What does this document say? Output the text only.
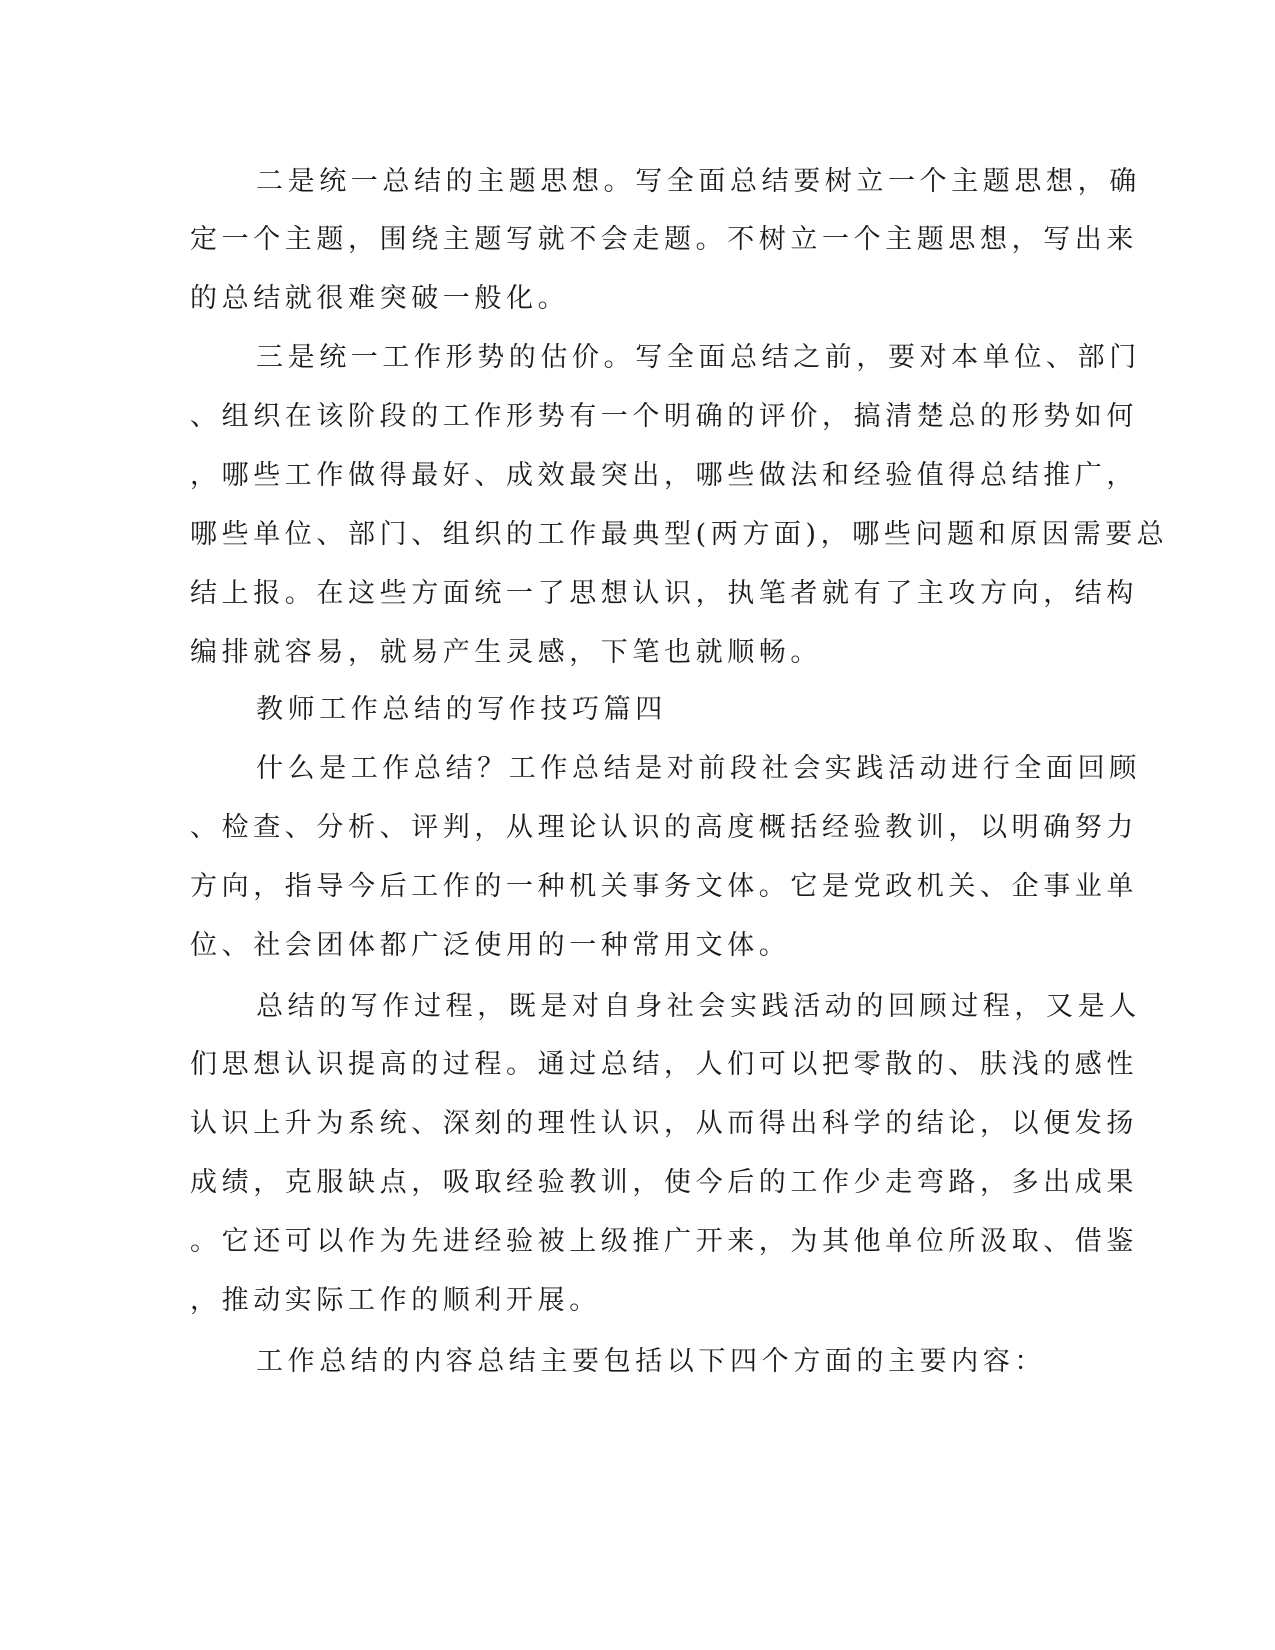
二是统一总结的主题思想。写全面总结要树立一个主题思想，确
定一个主题，围绕主题写就不会走题。不树立一个主题思想，写出来
的总结就很难突破一般化。
三是统一工作形势的估价。写全面总结之前，要对本单位、部门
、组织在该阶段的工作形势有一个明确的评价，搞清楚总的形势如何
，哪些工作做得最好、成效最突出，哪些做法和经验值得总结推广，
哪些单位、部门、组织的工作最典型(两方面)，哪些问题和原因需要总
结上报。在这些方面统一了思想认识，执笔者就有了主攻方向，结构
编排就容易，就易产生灵感，下笔也就顺畅。
教师工作总结的写作技巧篇四
什么是工作总结？工作总结是对前段社会实践活动进行全面回顾
、检查、分析、评判，从理论认识的高度概括经验教训，以明确努力
方向，指导今后工作的一种机关事务文体。它是党政机关、企事业单
位、社会团体都广泛使用的一种常用文体。
总结的写作过程，既是对自身社会实践活动的回顾过程，又是人
们思想认识提高的过程。通过总结，人们可以把零散的、肤浅的感性
认识上升为系统、深刻的理性认识，从而得出科学的结论，以便发扬
成绩，克服缺点，吸取经验教训，使今后的工作少走弯路，多出成果
。它还可以作为先进经验被上级推广开来，为其他单位所汲取、借鉴
，推动实际工作的顺利开展。
工作总结的内容总结主要包括以下四个方面的主要内容：
